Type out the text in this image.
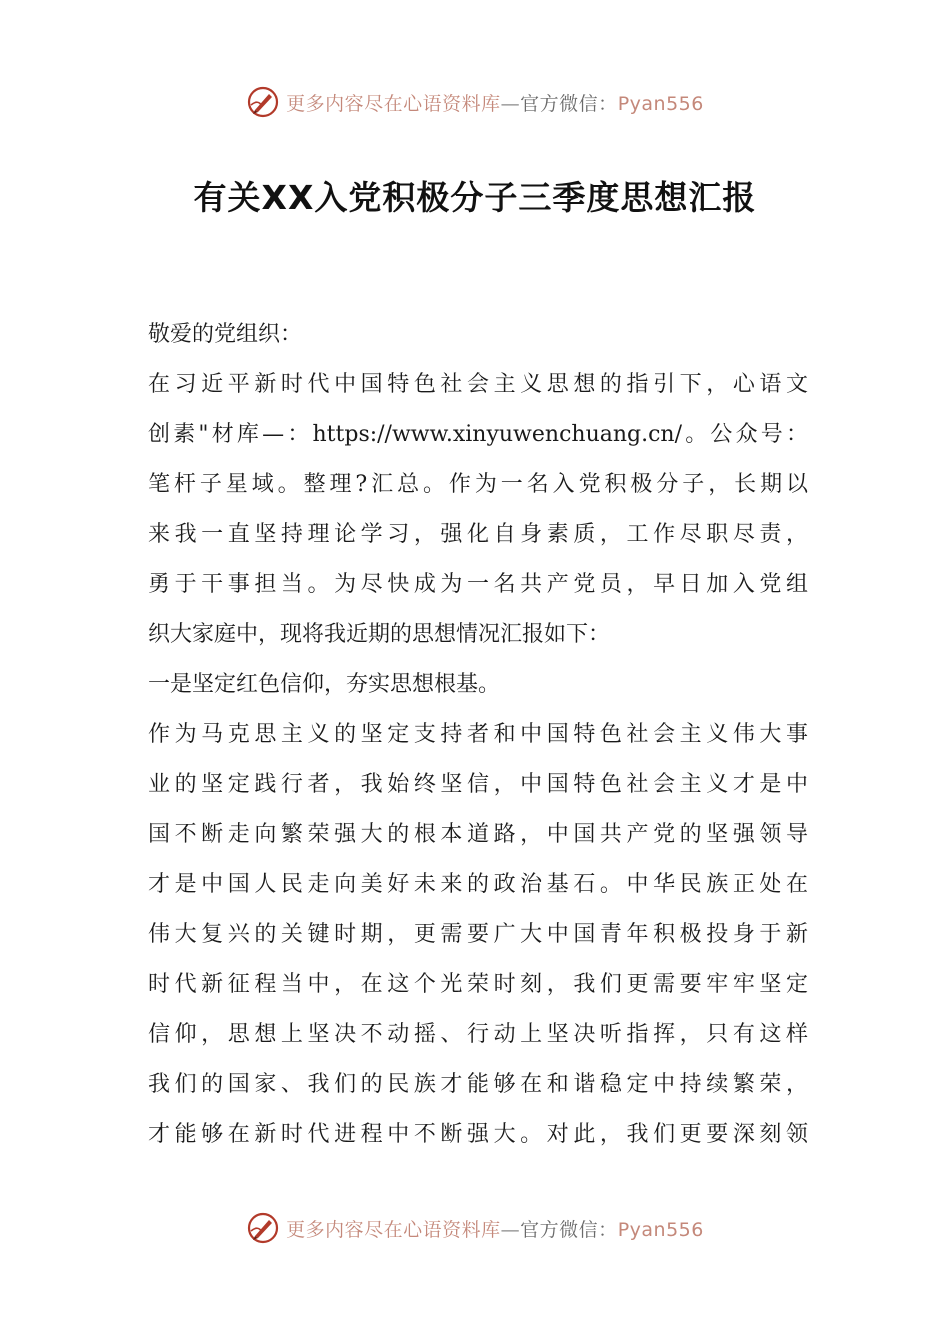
更多内容尽在心语资料库—官方微信：Pyan556
有关XX入党积极分子三季度思想汇报
敬爱的党组织：
在习近平新时代中国特色社会主义思想的指引下，心语文
创素"材库—：https://www.xinyuwenchuang.cn/。公众号：
笔杆子星域。整理?汇总。作为一名入党积极分子，长期以
来我一直坚持理论学习，强化自身素质，工作尽职尽责，
勇于干事担当。为尽快成为一名共产党员，早日加入党组
织大家庭中，现将我近期的思想情况汇报如下：
一是坚定红色信仰，夯实思想根基。
作为马克思主义的坚定支持者和中国特色社会主义伟大事
业的坚定践行者，我始终坚信，中国特色社会主义才是中
国不断走向繁荣强大的根本道路，中国共产党的坚强领导
才是中国人民走向美好未来的政治基石。中华民族正处在
伟大复兴的关键时期，更需要广大中国青年积极投身于新
时代新征程当中，在这个光荣时刻，我们更需要牢牢坚定
信仰，思想上坚决不动摇、行动上坚决听指挥，只有这样
我们的国家、我们的民族才能够在和谐稳定中持续繁荣，
才能够在新时代进程中不断强大。对此，我们更要深刻领
更多内容尽在心语资料库—官方微信：Pyan556
